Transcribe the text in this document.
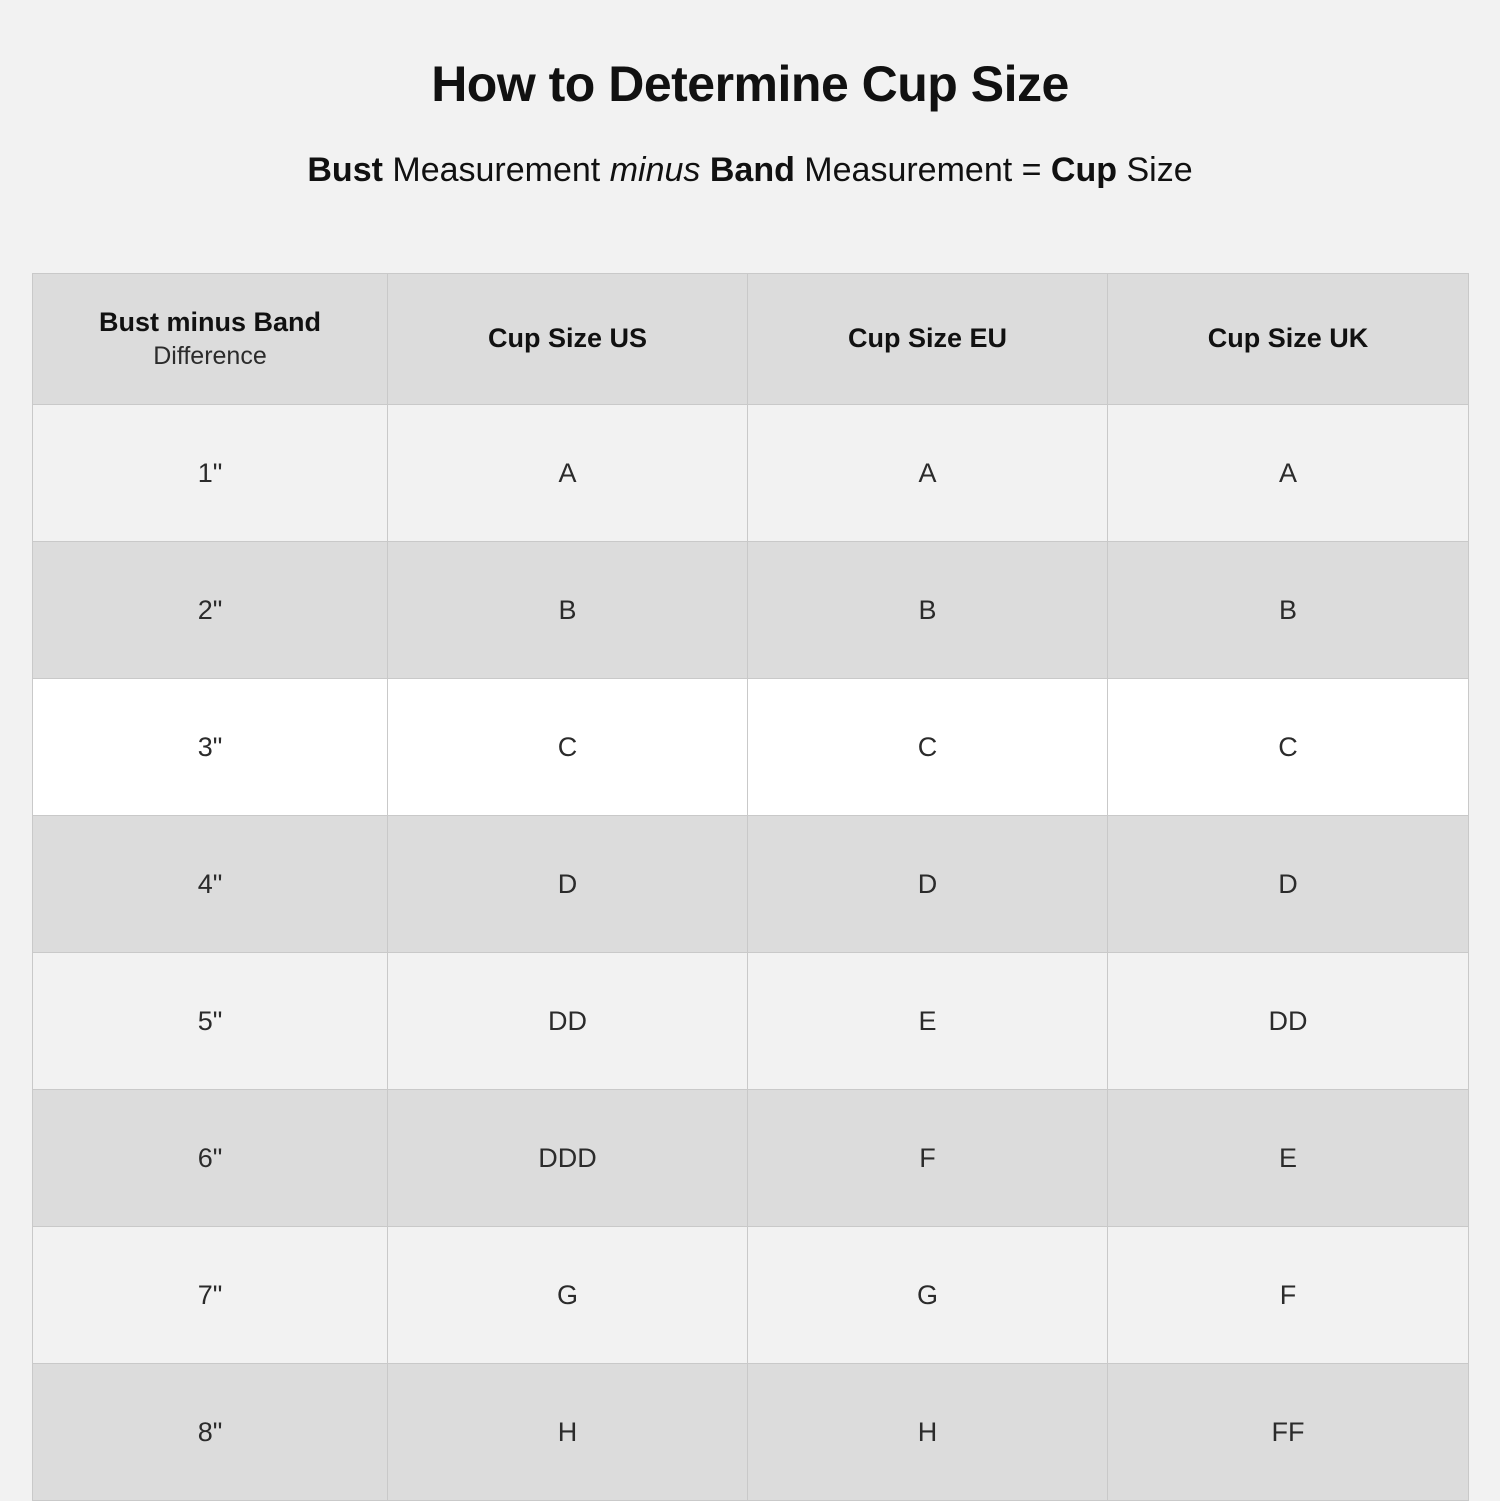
How to Determine Cup Size

Bust Measurement minus Band Measurement = Cup Size

Bust minus Band
Difference	Cup Size US	Cup Size EU	Cup Size UK

1"	A	A	A
2"	B	B	B
3"	C	C	C
4"	D	D	D
5"	DD	E	DD
6"	DDD	F	E
7"	G	G	F
8"	H	H	FF
